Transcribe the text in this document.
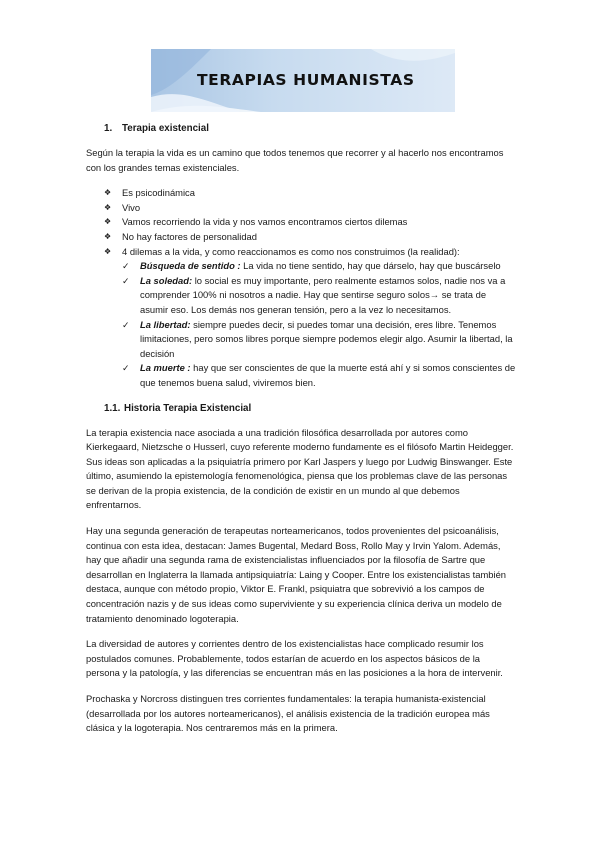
TERAPIAS HUMANISTAS
1. Terapia existencial

Según la terapia la vida es un camino que todos tenemos que recorrer y al hacerlo nos encontramos con los grandes temas existenciales.

❖ Es psicodinámica
❖ Vivo
❖ Vamos recorriendo la vida y nos vamos encontramos ciertos dilemas
❖ No hay factores de personalidad
❖ 4 dilemas a la vida, y como reaccionamos es como nos construimos (la realidad):
✓ Búsqueda de sentido : La vida no tiene sentido, hay que dárselo, hay que buscárselo
✓ La soledad: lo social es muy importante, pero realmente estamos solos, nadie nos va a comprender 100% ni nosotros a nadie. Hay que sentirse seguro solos→ se trata de asumir eso. Los demás nos generan tensión, pero a la vez lo necesitamos.
✓ La libertad: siempre puedes decir, si puedes tomar una decisión, eres libre. Tenemos limitaciones, pero somos libres porque siempre podemos elegir algo. Asumir la libertad, la decisión
✓ La muerte : hay que ser conscientes de que la muerte está ahí y si somos conscientes de que tenemos buena salud, viviremos bien.
1.1. Historia Terapia Existencial

La terapia existencia nace asociada a una tradición filosófica desarrollada por autores como Kierkegaard, Nietzsche o Husserl, cuyo referente moderno fundamente es el filósofo Martin Heidegger. Sus ideas son aplicadas a la psiquiatría primero por Karl Jaspers y luego por Ludwig Binswanger. Este último, asumiendo la epistemología fenomenológica, piensa que los problemas clave de las personas se derivan de la propia existencia, de la condición de existir en un mundo al que debemos enfrentarnos.

Hay una segunda generación de terapeutas norteamericanos, todos provenientes del psicoanálisis, continua con esta idea, destacan: James Bugental, Medard Boss, Rollo May y Irvin Yalom. Además, hay que añadir una segunda rama de existencialistas influenciados por la filosofía de Sartre que desarrollan en Inglaterra la llamada antipsiquiatría: Laing y Cooper. Entre los existencialistas también destaca, aunque con método propio, Viktor E. Frankl, psiquiatra que sobrevivió a los campos de concentración nazis y de sus ideas como superviviente y su experiencia clínica deriva un modelo de tratamiento denominado logoterapia.

La diversidad de autores y corrientes dentro de los existencialistas hace complicado resumir los postulados comunes. Probablemente, todos estarían de acuerdo en los aspectos básicos de la persona y la patología, y las diferencias se encuentran más en las posiciones a la hora de intervenir.

Prochaska y Norcross distinguen tres corrientes fundamentales: la terapia humanista-existencial (desarrollada por los autores norteamericanos), el análisis existencia de la tradición europea más clásica y la logoterapia. Nos centraremos más en la primera.
